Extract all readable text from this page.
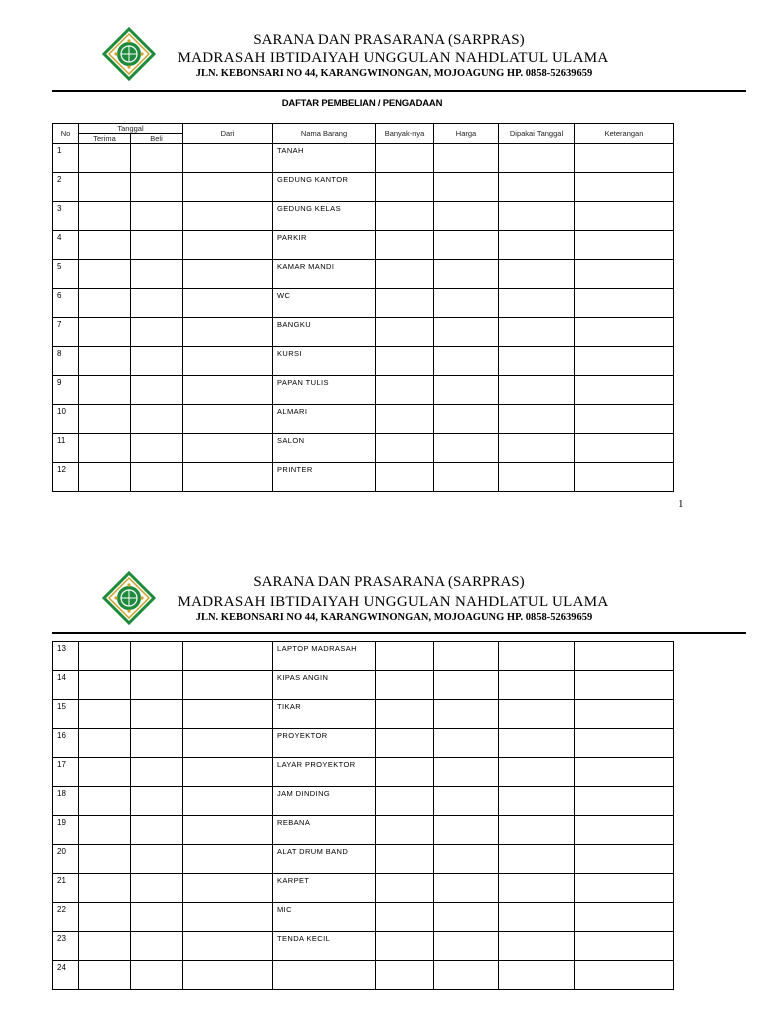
SARANA DAN PRASARANA (SARPRAS)
MADRASAH IBTIDAIYAH UNGGULAN NAHDLATUL ULAMA
JLN. KEBONSARI NO 44, KARANGWINONGAN, MOJOAGUNG HP. 0858-52639659
DAFTAR PEMBELIAN / PENGADAAN
No	Tanggal		Dari	Nama Barang	Banyak-nya	Harga	Dipakai Tanggal	Keterangan
	Terima	Beli						
1				TANAH				
2				GEDUNG KANTOR				
3				GEDUNG KELAS				
4				PARKIR				
5				KAMAR MANDI				
6				WC				
7				BANGKU				
8				KURSI				
9				PAPAN TULIS				
10				ALMARI				
11				SALON				
12				PRINTER				
1
SARANA DAN PRASARANA (SARPRAS)
MADRASAH IBTIDAIYAH UNGGULAN NAHDLATUL ULAMA
JLN. KEBONSARI NO 44, KARANGWINONGAN, MOJOAGUNG HP. 0858-52639659
13				LAPTOP MADRASAH				
14				KIPAS ANGIN				
15				TIKAR				
16				PROYEKTOR				
17				LAYAR PROYEKTOR				
18				JAM DINDING				
19				REBANA				
20				ALAT DRUM BAND				
21				KARPET				
22				MIC				
23				TENDA KECIL				
24								
